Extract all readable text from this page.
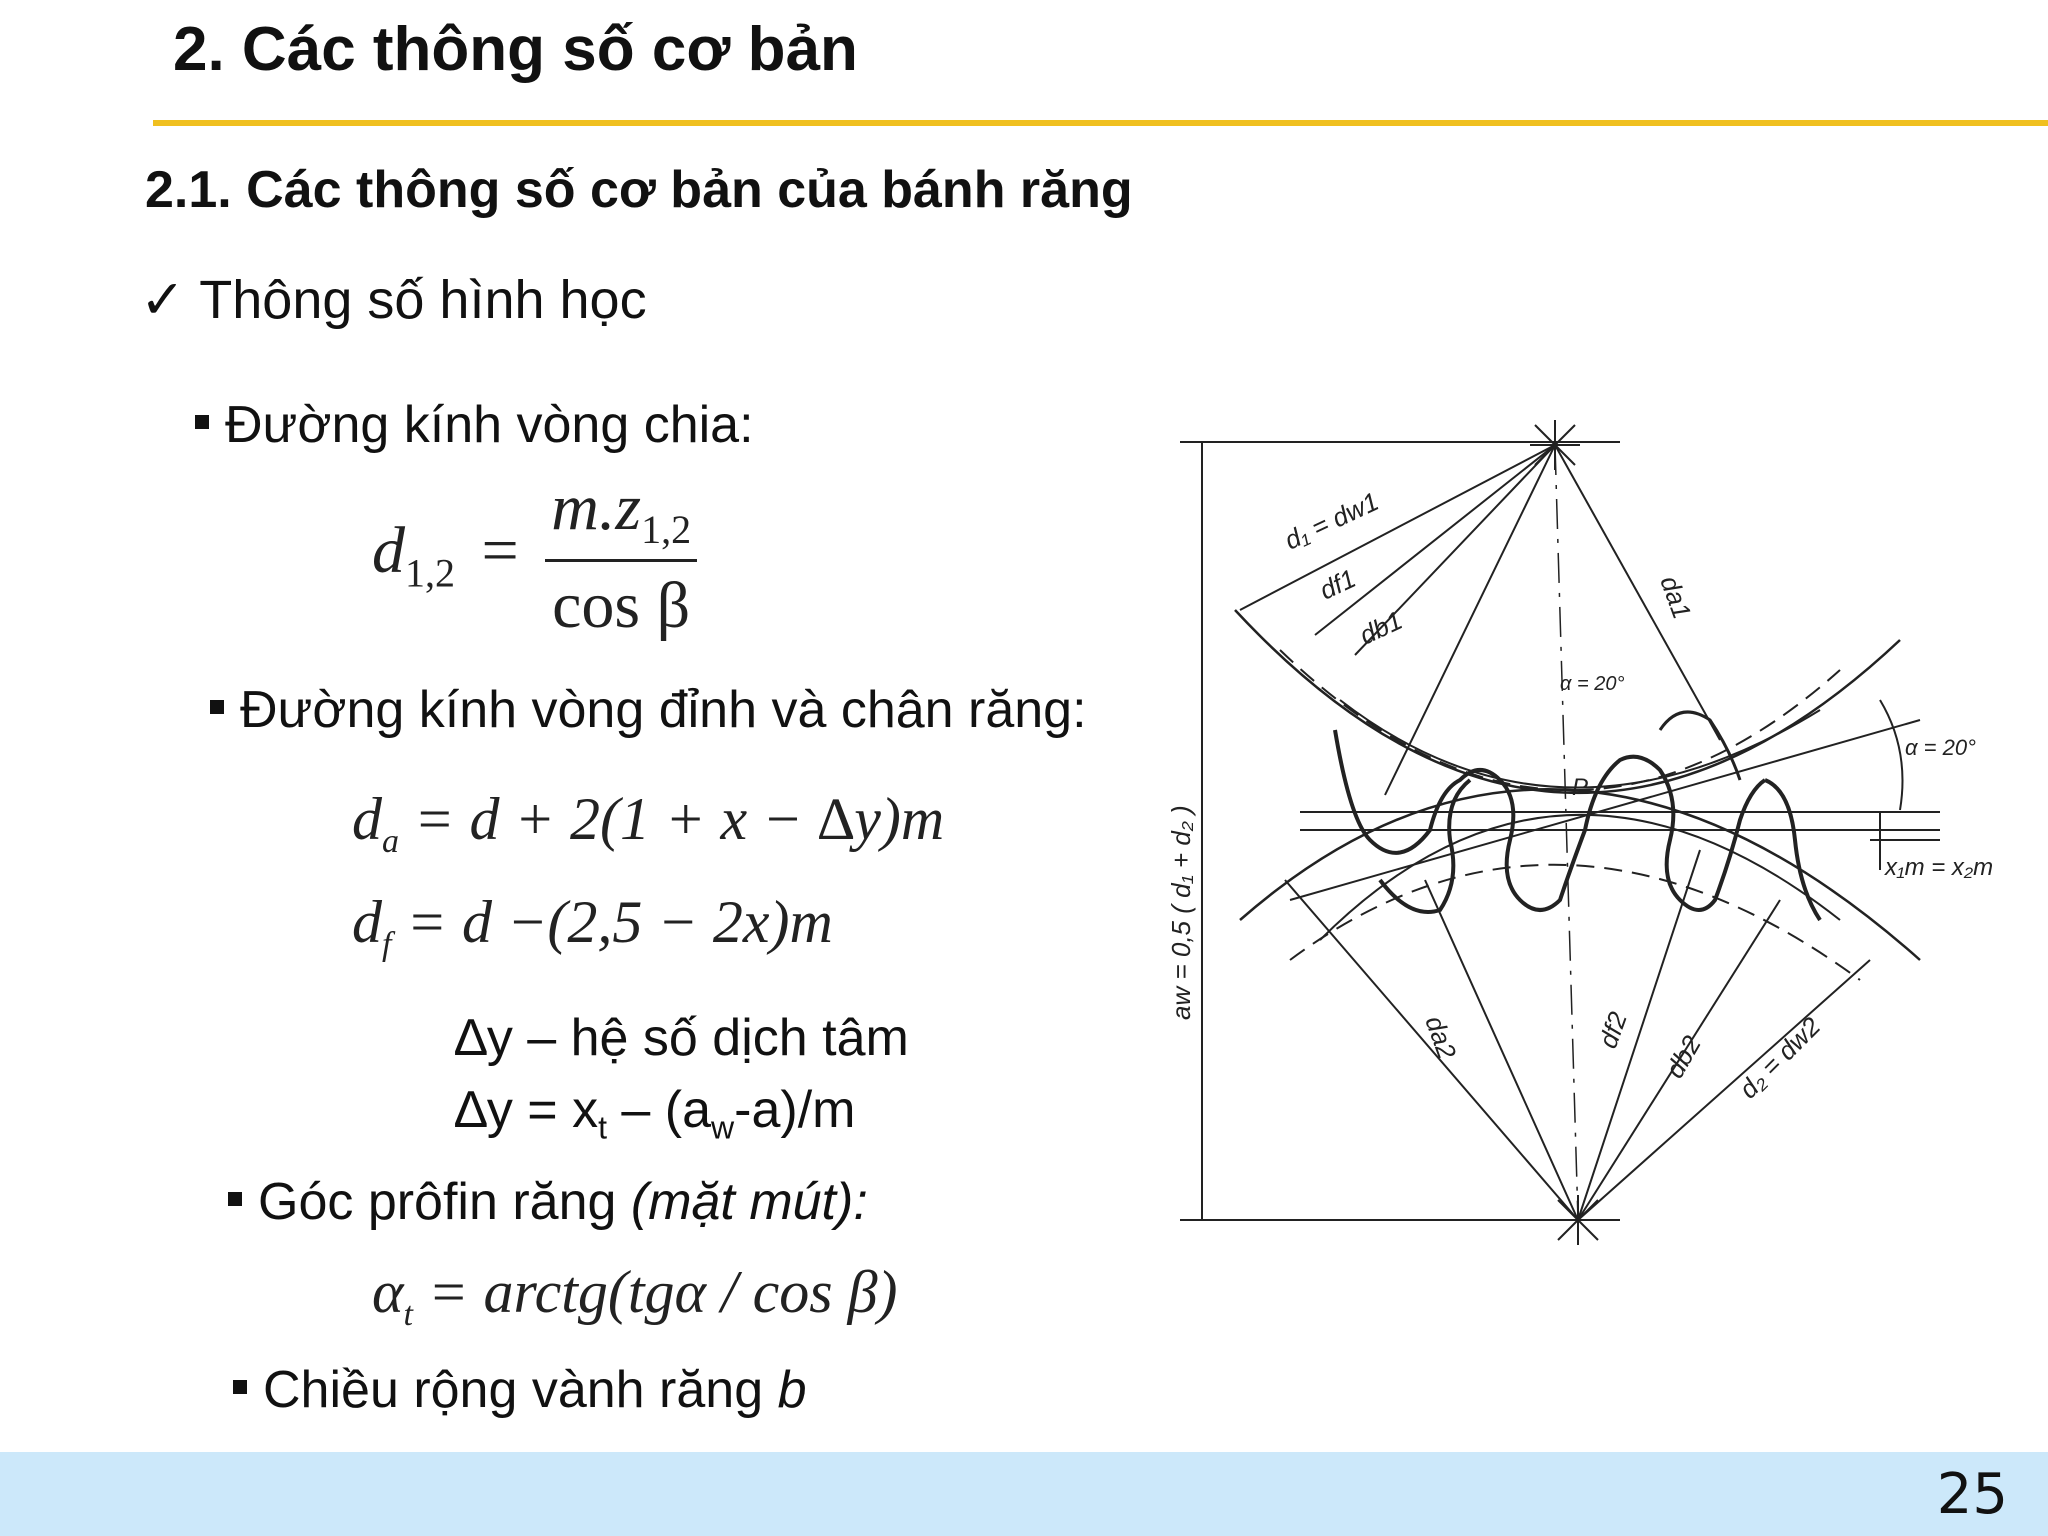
2. Các thông số cơ bản
2.1. Các thông số cơ bản của bánh răng
✓ Thông số hình học
Đường kính vòng chia:
$d_{1,2} = \frac{m.z_{1,2}}{\text{cos β}}$
Đường kính vòng đỉnh và chân răng:
$d_a = d + 2(1 + x - \Delta y)m$
$d_f = d -(2,5 - 2x)m$
∆y – hệ số dịch tâm
$\Delta y = x_t - (a_w-a)/m$
Góc prôfin răng (mặt mút):
$\alpha_t$ = arctg(tgα / cos β)
Chiều rộng vành răng b
d₁ = dw1
df1
db1
da1
α = 20°
α = 20°
P
x₁m = x₂m
aw = 0,5 ( d₁ + d₂ )
da2	df2
db2 d₂ = dw2
25
